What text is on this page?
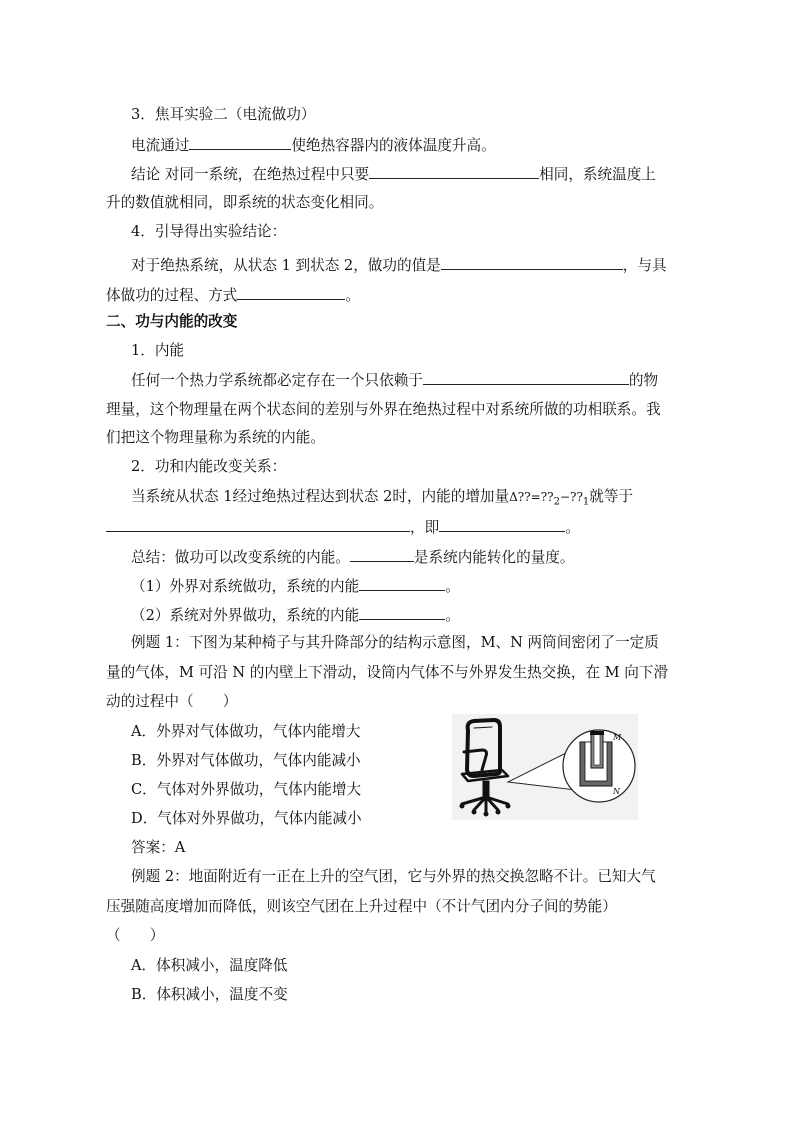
3．焦耳实验二（电流做功）
电流通过	使绝热容器内的液体温度升高。
结论 对同一系统，在绝热过程中只要	相同，系统温度上
升的数值就相同，即系统的状态变化相同。
4．引导得出实验结论：
对于绝热系统，从状态 1 到状态 2，做功的值是	，与具
体做功的过程、方式	。
二、功与内能的改变
1．内能
任何一个热力学系统都必定存在一个只依赖于	的物
理量，这个物理量在两个状态间的差别与外界在绝热过程中对系统所做的功相联系。我
们把这个物理量称为系统的内能。
2．功和内能改变关系：
当系统从状态 1经过绝热过程达到状态 2时，内能的增加量$\Delta??=??_2-??_1$就等于
，即	。
总结：做功可以改变系统的内能。	是系统内能转化的量度。
（1）外界对系统做功，系统的内能	。
（2）系统对外界做功，系统的内能	。
例题 1：下图为某种椅子与其升降部分的结构示意图，M、N 两筒间密闭了一定质
量的气体，M 可沿 N 的内壁上下滑动，设筒内气体不与外界发生热交换，在 M 向下滑
动的过程中（　　）
A．外界对气体做功，气体内能增大
B．外界对气体做功，气体内能减小
C．气体对外界做功，气体内能增大
D．气体对外界做功，气体内能减小
答案：A
M
N
例题 2：地面附近有一正在上升的空气团，它与外界的热交换忽略不计。已知大气
压强随高度增加而降低，则该空气团在上升过程中（不计气团内分子间的势能）
（　　）
A．体积减小，温度降低
B．体积减小，温度不变
